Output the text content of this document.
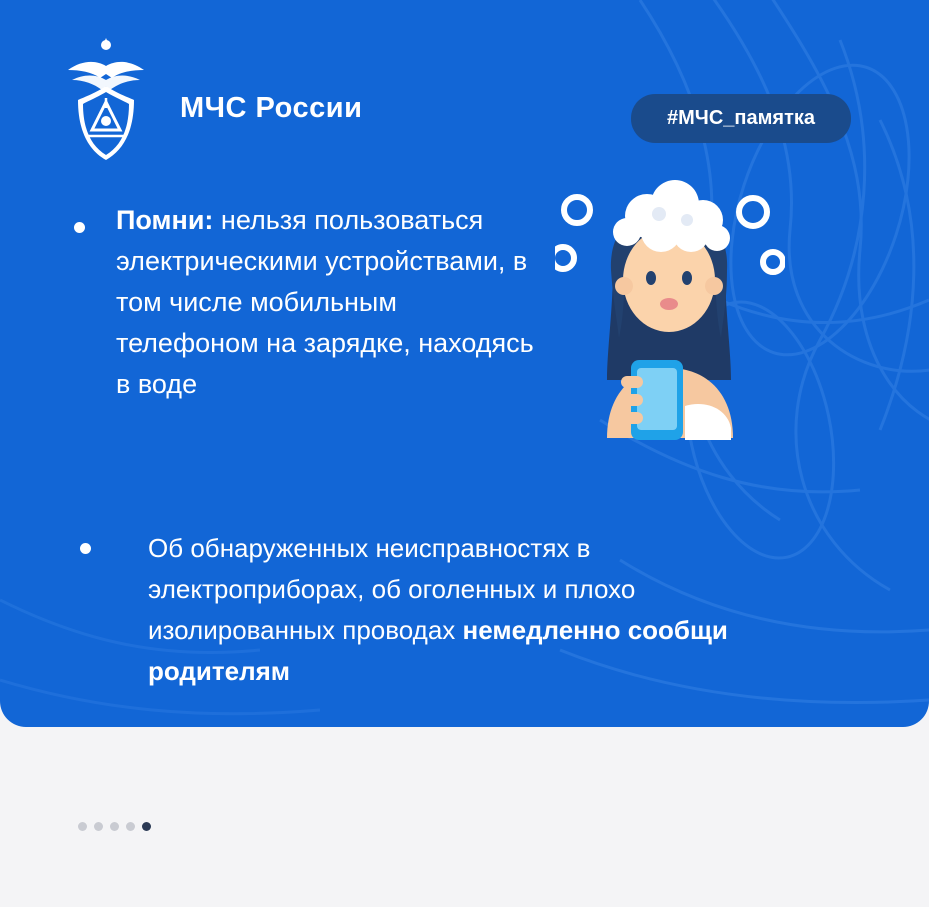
МЧС России	#МЧС_памятка
Помни: нельзя пользоваться электрическими устройствами, в том числе мобильным телефоном на зарядке, находясь в воде
Об обнаруженных неисправностях в электроприборах, об оголенных и плохо изолированных проводах немедленно сообщи родителям
